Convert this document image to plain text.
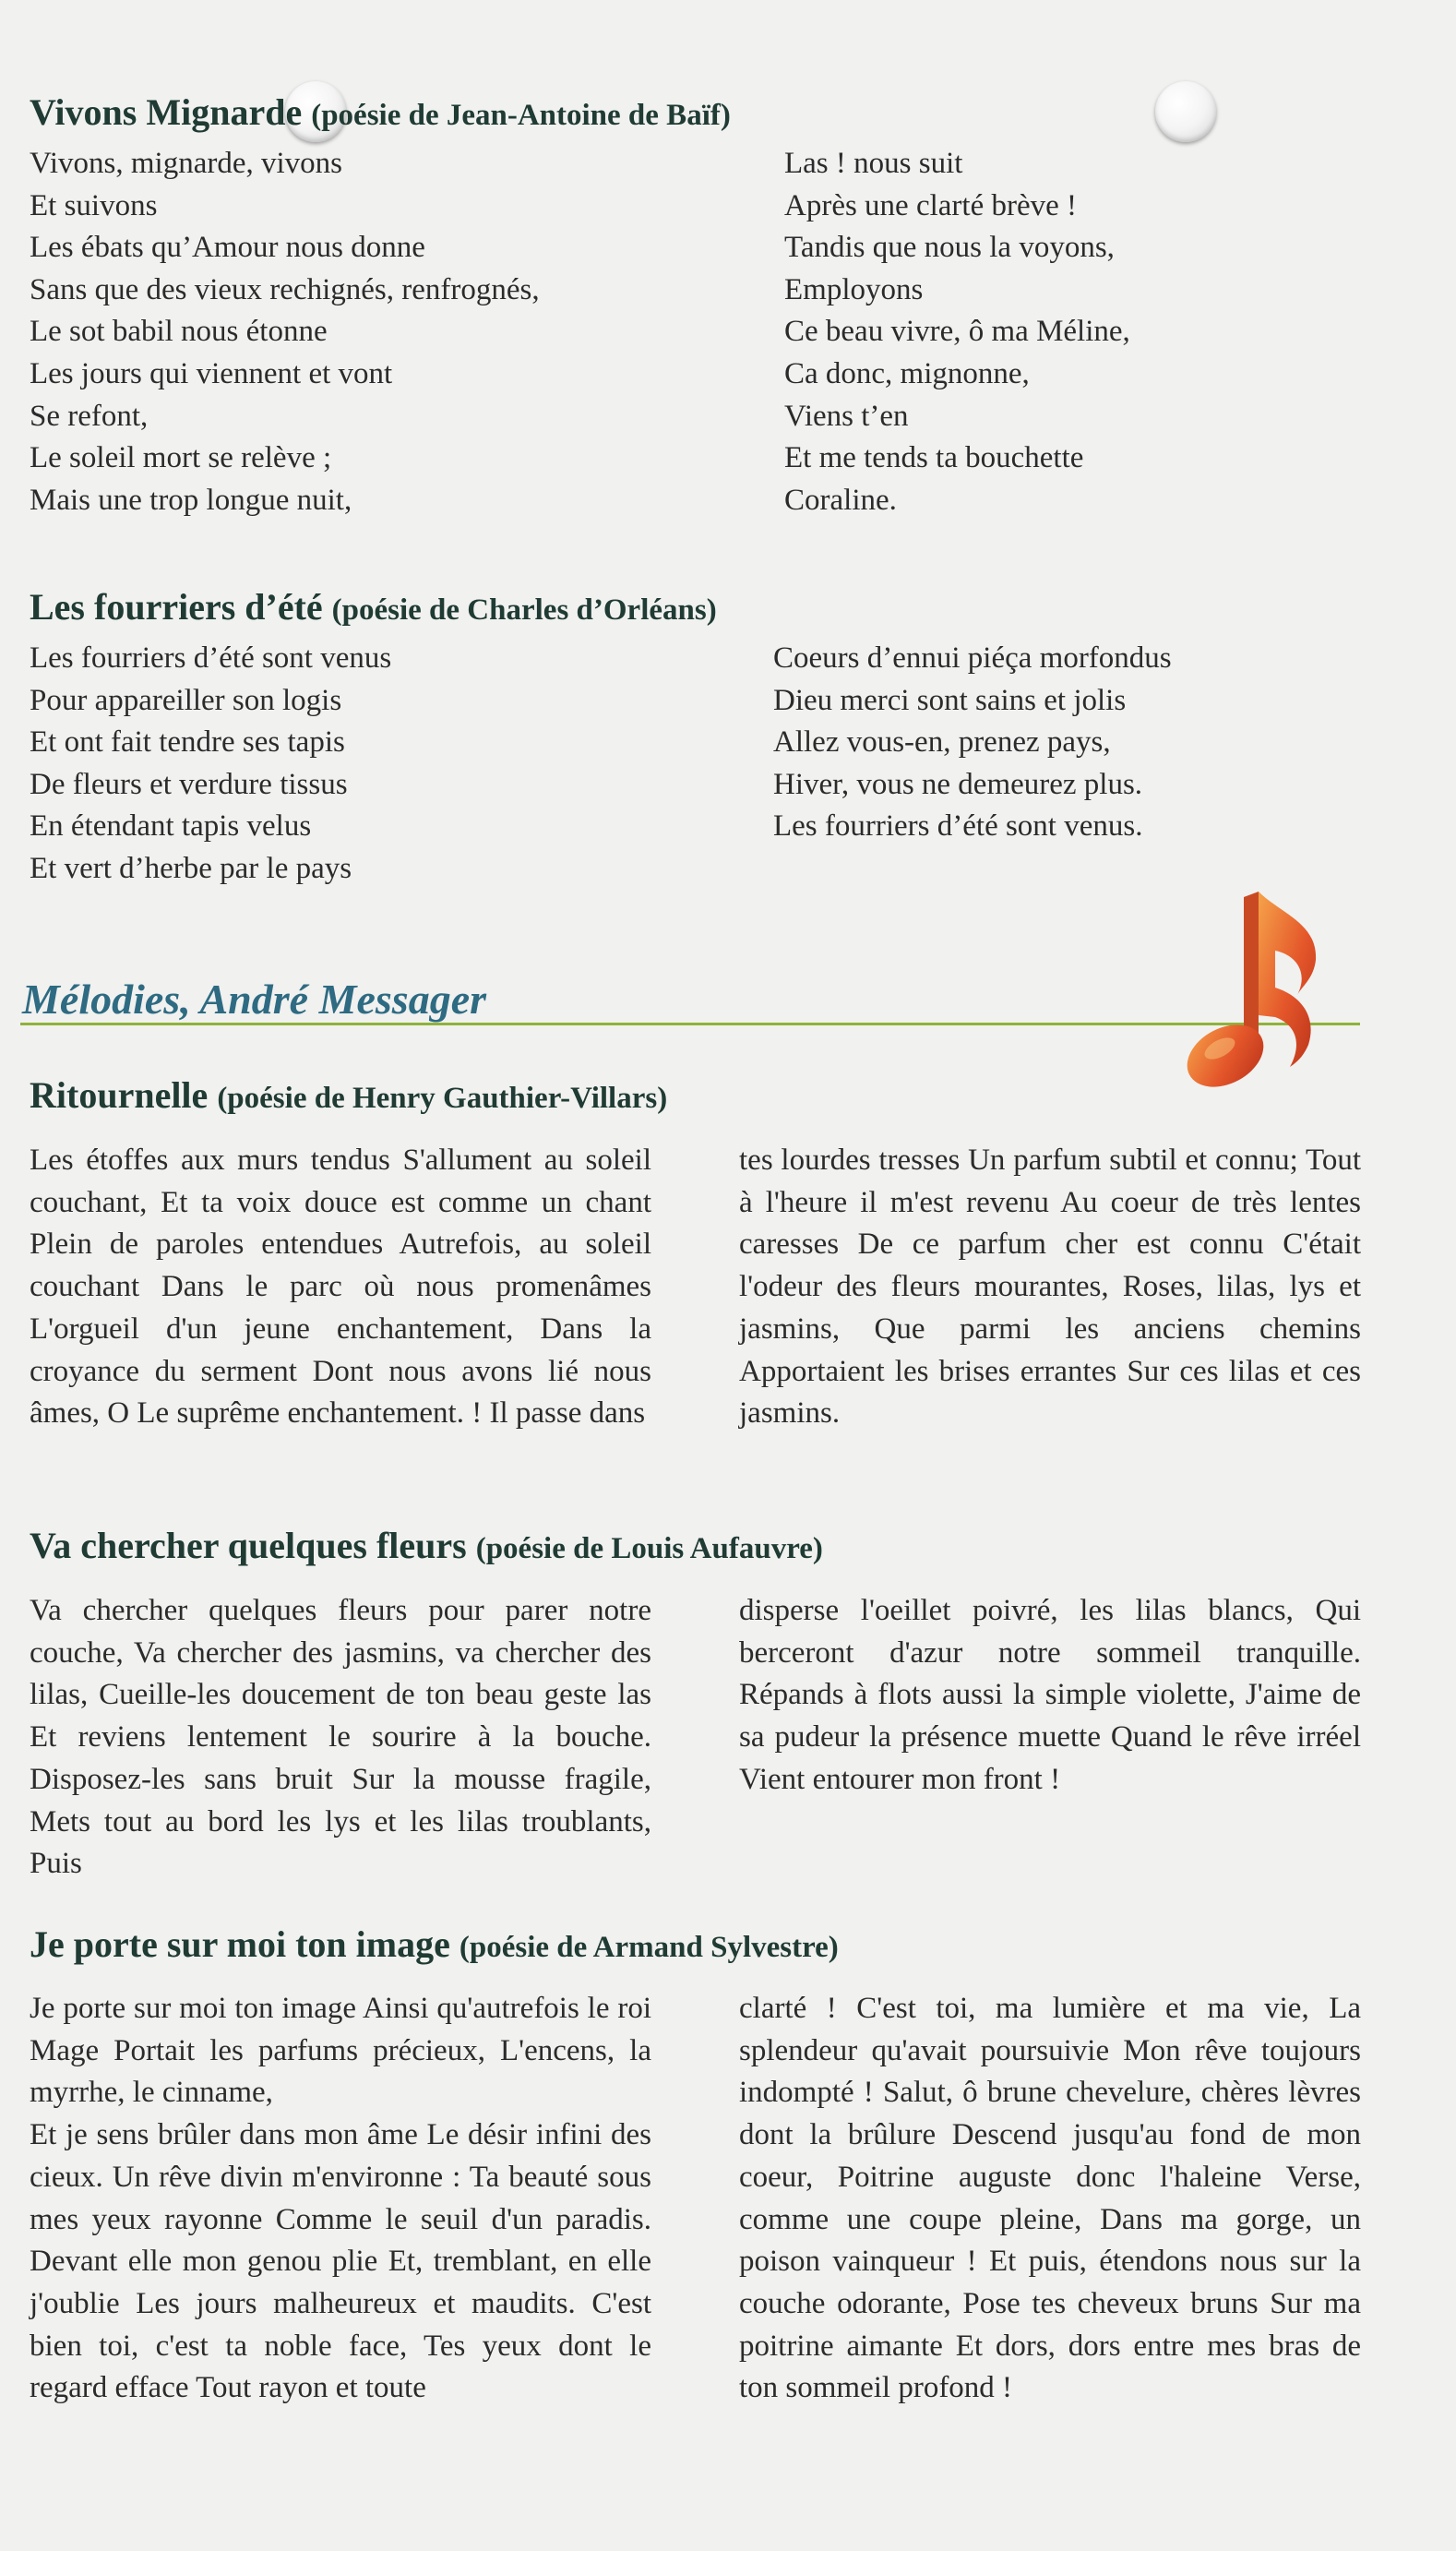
Vivons Mignarde (poésie de Jean-Antoine de Baïf)
Vivons, mignarde, vivons
Et suivons
Les ébats qu’Amour nous donne
Sans que des vieux rechignés, renfrognés,
Le sot babil nous étonne
Les jours qui viennent et vont
Se refont,
Le soleil mort se relève ;
Mais une trop longue nuit,
Las ! nous suit
Après une clarté brève !
Tandis que nous la voyons,
Employons
Ce beau vivre, ô ma Méline,
Ca donc, mignonne,
Viens t’en
Et me tends ta bouchette
Coraline.
Les fourriers d’été (poésie de Charles d’Orléans)
Les fourriers d’été sont venus
Pour appareiller son logis
Et ont fait tendre ses tapis
De fleurs et verdure tissus
En étendant tapis velus
Et vert d’herbe par le pays
Coeurs d’ennui piéça morfondus
Dieu merci sont sains et jolis
Allez vous-en, prenez pays,
Hiver, vous ne demeurez plus.
Les fourriers d’été sont venus.
Mélodies, André Messager
Ritournelle (poésie de Henry Gauthier-Villars)

Les étoffes aux murs tendus S'allument au soleil couchant, Et ta voix douce est comme un chant Plein de paroles entendues Autrefois, au soleil couchant Dans le parc où nous promenâmes L'orgueil d'un jeune enchantement, Dans la croyance du serment Dont nous avons lié nous âmes, O Le suprême enchantement. ! Il passe dans

tes lourdes tresses Un parfum subtil et connu; Tout à l'heure il m'est revenu Au coeur de très lentes caresses De ce parfum cher est connu C'était l'odeur des fleurs mourantes, Roses, lilas, lys et jasmins, Que parmi les anciens chemins Apportaient les brises errantes Sur ces lilas et ces jasmins.

Va chercher quelques fleurs (poésie de Louis Aufauvre)

Va chercher quelques fleurs pour parer notre couche, Va chercher des jasmins, va chercher des lilas, Cueille-les doucement de ton beau geste las Et reviens lentement le sourire à la bouche. Disposez-les sans bruit Sur la mousse fragile, Mets tout au bord les lys et les lilas troublants, Puis

disperse l'oeillet poivré, les lilas blancs, Qui berceront d'azur notre sommeil tranquille. Répands à flots aussi la simple violette, J'aime de sa pudeur la présence muette Quand le rêve irréel Vient entourer mon front !

Je porte sur moi ton image (poésie de Armand Sylvestre)

Je porte sur moi ton image Ainsi qu'autrefois le roi Mage Portait les parfums précieux, L'encens, la myrrhe, le cinname,

Et je sens brûler dans mon âme Le désir infini des cieux. Un rêve divin m'environne : Ta beauté sous mes yeux rayonne Comme le seuil d'un paradis. Devant elle mon genou plie Et, tremblant, en elle j'oublie Les jours malheureux et maudits. C'est bien toi, c'est ta noble face, Tes yeux dont le regard efface Tout rayon et toute

clarté ! C'est toi, ma lumière et ma vie, La splendeur qu'avait poursuivie Mon rêve toujours indompté ! Salut, ô brune chevelure, chères lèvres dont la brûlure Descend jusqu'au fond de mon coeur, Poitrine auguste donc l'haleine Verse, comme une coupe pleine, Dans ma gorge, un poison vainqueur ! Et puis, étendons nous sur la couche odorante, Pose tes cheveux bruns Sur ma poitrine aimante Et dors, dors entre mes bras de ton sommeil profond !
